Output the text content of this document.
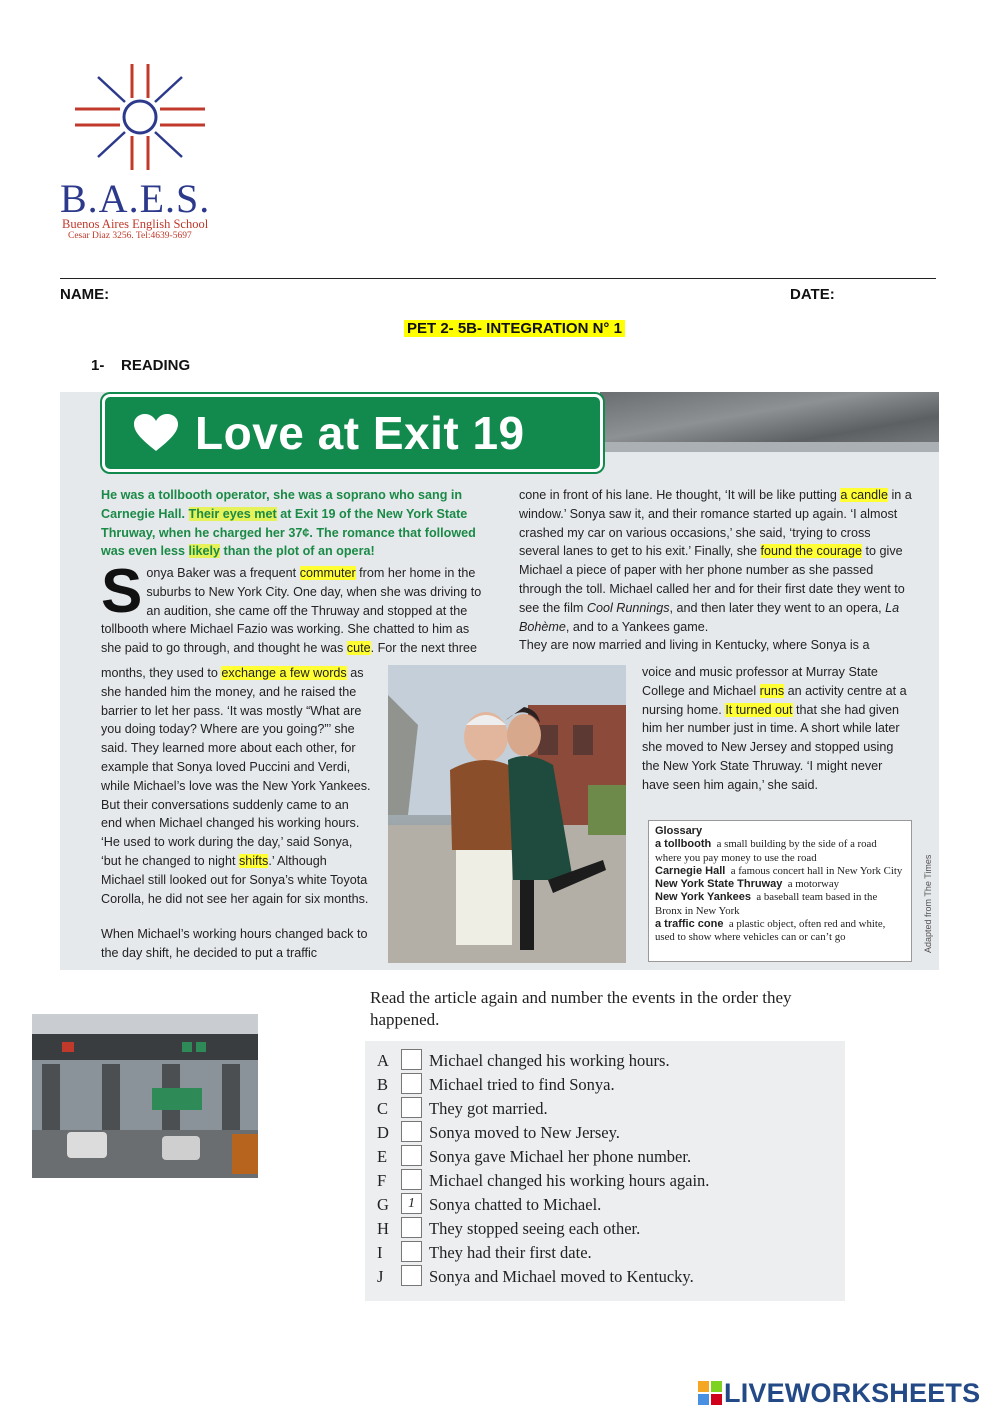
B.A.E.S.
Buenos Aires English School
Cesar Diaz 3256. Tel:4639-5697
NAME:	DATE:
PET 2- 5B- INTEGRATION N° 1
1-    READING
Love at Exit 19
He was a tollbooth operator, she was a soprano who sang in Carnegie Hall. Their eyes met at Exit 19 of the New York State Thruway, when he charged her 37¢. The romance that followed was even less likely than the plot of an opera!
Sonya Baker was a frequent commuter from her home in the suburbs to New York City. One day, when she was driving to an audition, she came off the Thruway and stopped at the tollbooth where Michael Fazio was working. She chatted to him as she paid to go through, and thought he was cute. For the next three
months, they used to exchange a few words as she handed him the money, and he raised the barrier to let her pass. ‘It was mostly “What are you doing today? Where are you going?”’ she said. They learned more about each other, for example that Sonya loved Puccini and Verdi, while Michael’s love was the New York Yankees. But their conversations suddenly came to an end when Michael changed his working hours. ‘He used to work during the day,’ said Sonya, ‘but he changed to night shifts.’ Although Michael still looked out for Sonya’s white Toyota Corolla, he did not see her again for six months.
When Michael’s working hours changed back to the day shift, he decided to put a traffic
cone in front of his lane. He thought, ‘It will be like putting a candle in a window.’ Sonya saw it, and their romance started up again. ‘I almost crashed my car on various occasions,’ she said, ‘trying to cross several lanes to get to his exit.’ Finally, she found the courage to give Michael a piece of paper with her phone number as she passed through the toll. Michael called her and for their first date they went to see the film Cool Runnings, and then later they went to an opera, La Bohème, and to a Yankees game.
They are now married and living in Kentucky, where Sonya is a
voice and music professor at Murray State College and Michael runs an activity centre at a nursing home. It turned out that she had given him her number just in time. A short while later she moved to New Jersey and stopped using the New York State Thruway. ‘I might never have seen him again,’ she said.
Glossary
a tollbooth a small building by the side of a road where you pay money to use the road
Carnegie Hall a famous concert hall in New York City
New York State Thruway a motorway
New York Yankees a baseball team based in the Bronx in New York
a traffic cone a plastic object, often red and white, used to show where vehicles can or can’t go	Adapted from The Times
Read the article again and number the events in the order they happened.
A	Michael changed his working hours.
B	Michael tried to find Sonya.
C	They got married.
D	Sonya moved to New Jersey.
E	Sonya gave Michael her phone number.
F	Michael changed his working hours again.
G	1 Sonya chatted to Michael.
H	They stopped seeing each other.
I	They had their first date.
J	Sonya and Michael moved to Kentucky.
LIVEWORKSHEETS
